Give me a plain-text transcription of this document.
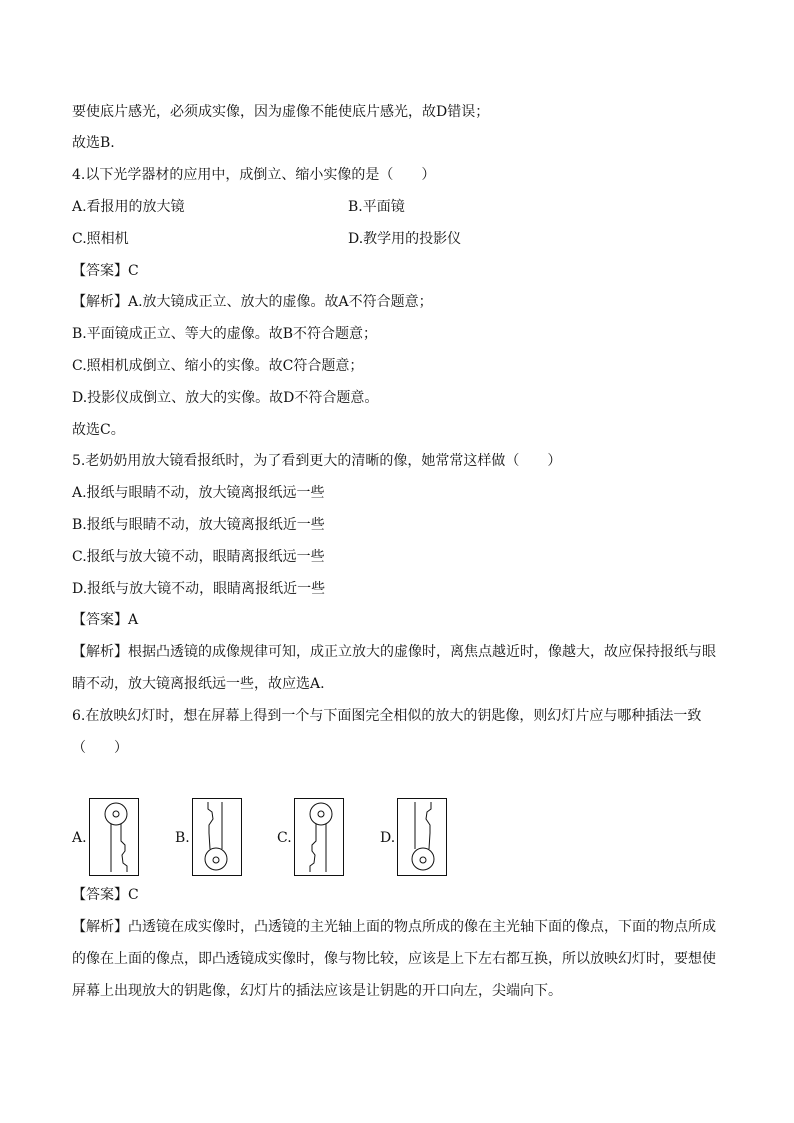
要使底片感光，必须成实像，因为虚像不能使底片感光，故D错误；
故选B.
4.以下光学器材的应用中，成倒立、缩小实像的是（　　）
A.看报用的放大镜	B.平面镜
C.照相机	D.教学用的投影仪
【答案】C
【解析】A.放大镜成正立、放大的虚像。故A不符合题意；
B.平面镜成正立、等大的虚像。故B不符合题意；
C.照相机成倒立、缩小的实像。故C符合题意；
D.投影仪成倒立、放大的实像。故D不符合题意。
故选C。
5.老奶奶用放大镜看报纸时，为了看到更大的清晰的像，她常常这样做（　　）
A.报纸与眼睛不动，放大镜离报纸远一些
B.报纸与眼睛不动，放大镜离报纸近一些
C.报纸与放大镜不动，眼睛离报纸远一些
D.报纸与放大镜不动，眼睛离报纸近一些
【答案】A
【解析】根据凸透镜的成像规律可知，成正立放大的虚像时，离焦点越近时，像越大，故应保持报纸与眼
睛不动，放大镜离报纸远一些，故应选A.
6.在放映幻灯时，想在屏幕上得到一个与下面图完全相似的放大的钥匙像，则幻灯片应与哪种插法一致
（　　）
A.	B.	C.	D.
【答案】C
【解析】凸透镜在成实像时，凸透镜的主光轴上面的物点所成的像在主光轴下面的像点，下面的物点所成
的像在上面的像点，即凸透镜成实像时，像与物比较，应该是上下左右都互换，所以放映幻灯时，要想使
屏幕上出现放大的钥匙像，幻灯片的插法应该是让钥匙的开口向左，尖端向下。
